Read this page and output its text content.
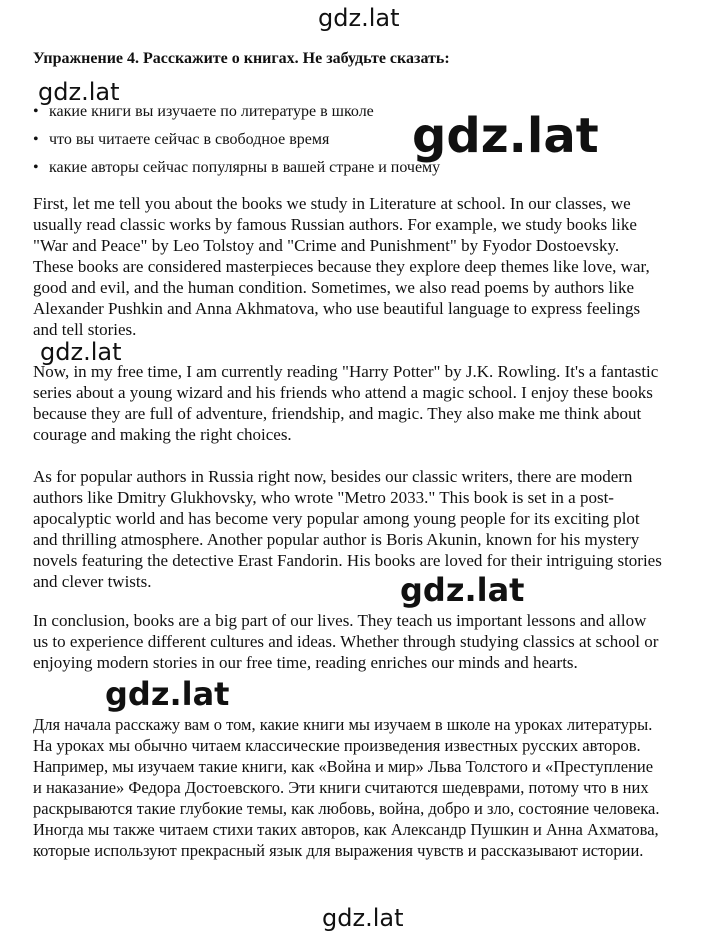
gdz.lat
Упражнение 4. Расскажите о книгах. Не забудьте сказать:
gdz.lat
• какие книги вы изучаете по литературе в школе
• что вы читаете сейчас в свободное время
• какие авторы сейчас популярны в вашей стране и почему
gdz.lat

First, let me tell you about the books we study in Literature at school. In our classes, we usually read classic works by famous Russian authors. For example, we study books like "War and Peace" by Leo Tolstoy and "Crime and Punishment" by Fyodor Dostoevsky. These books are considered masterpieces because they explore deep themes like love, war, good and evil, and the human condition. Sometimes, we also read poems by authors like Alexander Pushkin and Anna Akhmatova, who use beautiful language to express feelings and tell stories.

gdz.lat

Now, in my free time, I am currently reading "Harry Potter" by J.K. Rowling. It's a fantastic series about a young wizard and his friends who attend a magic school. I enjoy these books because they are full of adventure, friendship, and magic. They also make me think about courage and making the right choices.

As for popular authors in Russia right now, besides our classic writers, there are modern authors like Dmitry Glukhovsky, who wrote "Metro 2033." This book is set in a post-apocalyptic world and has become very popular among young people for its exciting plot and thrilling atmosphere. Another popular author is Boris Akunin, known for his mystery novels featuring the detective Erast Fandorin. His books are loved for their intriguing stories and clever twists.	gdz.lat

In conclusion, books are a big part of our lives. They teach us important lessons and allow us to experience different cultures and ideas. Whether through studying classics at school or enjoying modern stories in our free time, reading enriches our minds and hearts.

gdz.lat

Для начала расскажу вам о том, какие книги мы изучаем в школе на уроках литературы. На уроках мы обычно читаем классические произведения известных русских авторов. Например, мы изучаем такие книги, как «Война и мир» Льва Толстого и «Преступление и наказание» Федора Достоевского. Эти книги считаются шедеврами, потому что в них раскрываются такие глубокие темы, как любовь, война, добро и зло, состояние человека. Иногда мы также читаем стихи таких авторов, как Александр Пушкин и Анна Ахматова, которые используют прекрасный язык для выражения чувств и рассказывают истории.

gdz.lat
